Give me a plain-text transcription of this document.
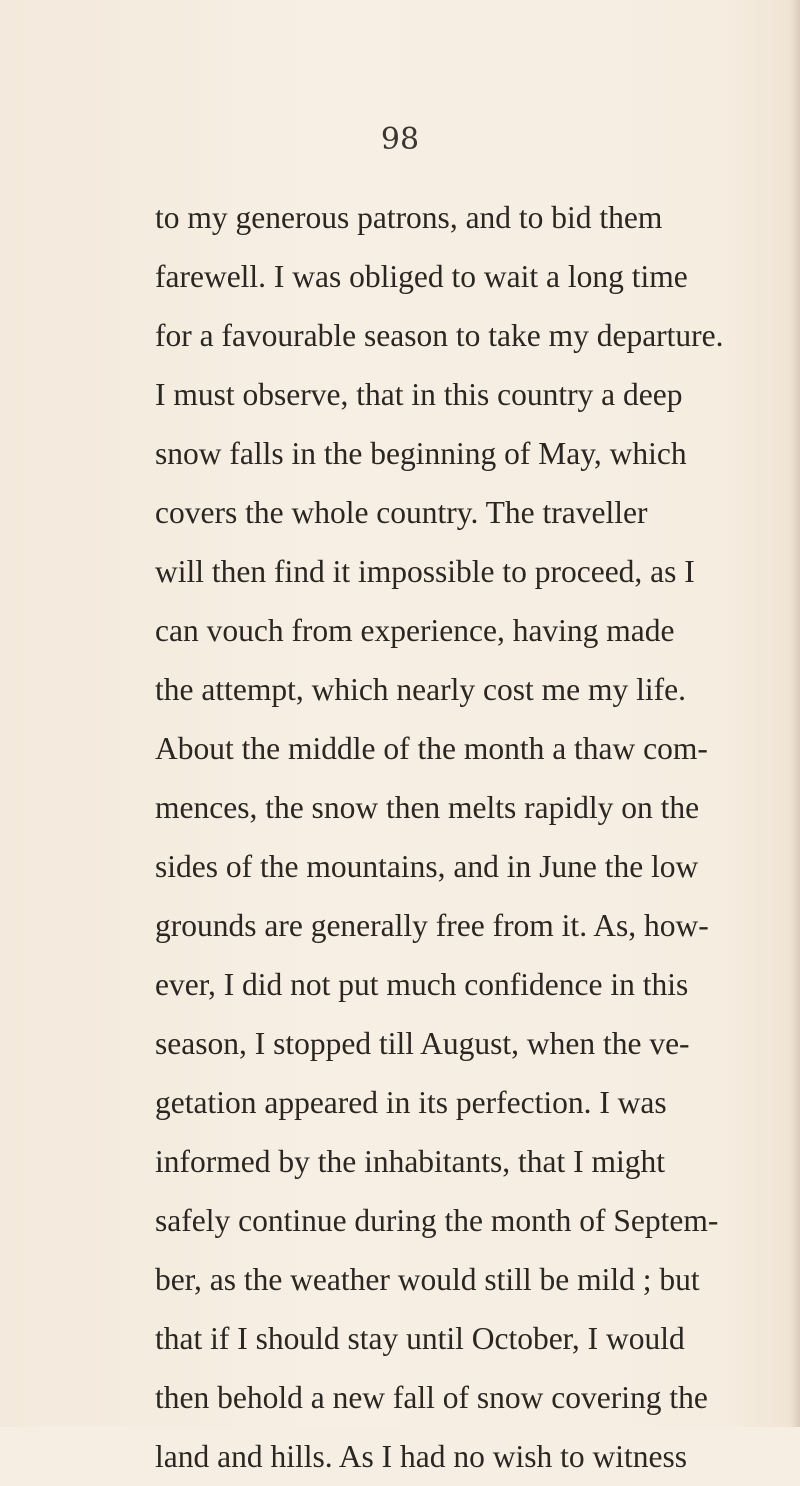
98
to my generous patrons, and to bid them
farewell. I was obliged to wait a long time
for a favourable season to take my departure.
I must observe, that in this country a deep
snow falls in the beginning of May, which
covers the whole country. The traveller
will then find it impossible to proceed, as I
can vouch from experience, having made
the attempt, which nearly cost me my life.
About the middle of the month a thaw com-
mences, the snow then melts rapidly on the
sides of the mountains, and in June the low
grounds are generally free from it. As, how-
ever, I did not put much confidence in this
season, I stopped till August, when the ve-
getation appeared in its perfection. I was
informed by the inhabitants, that I might
safely continue during the month of Septem-
ber, as the weather would still be mild ; but
that if I should stay until October, I would
then behold a new fall of snow covering the
land and hills. As I had no wish to witness
